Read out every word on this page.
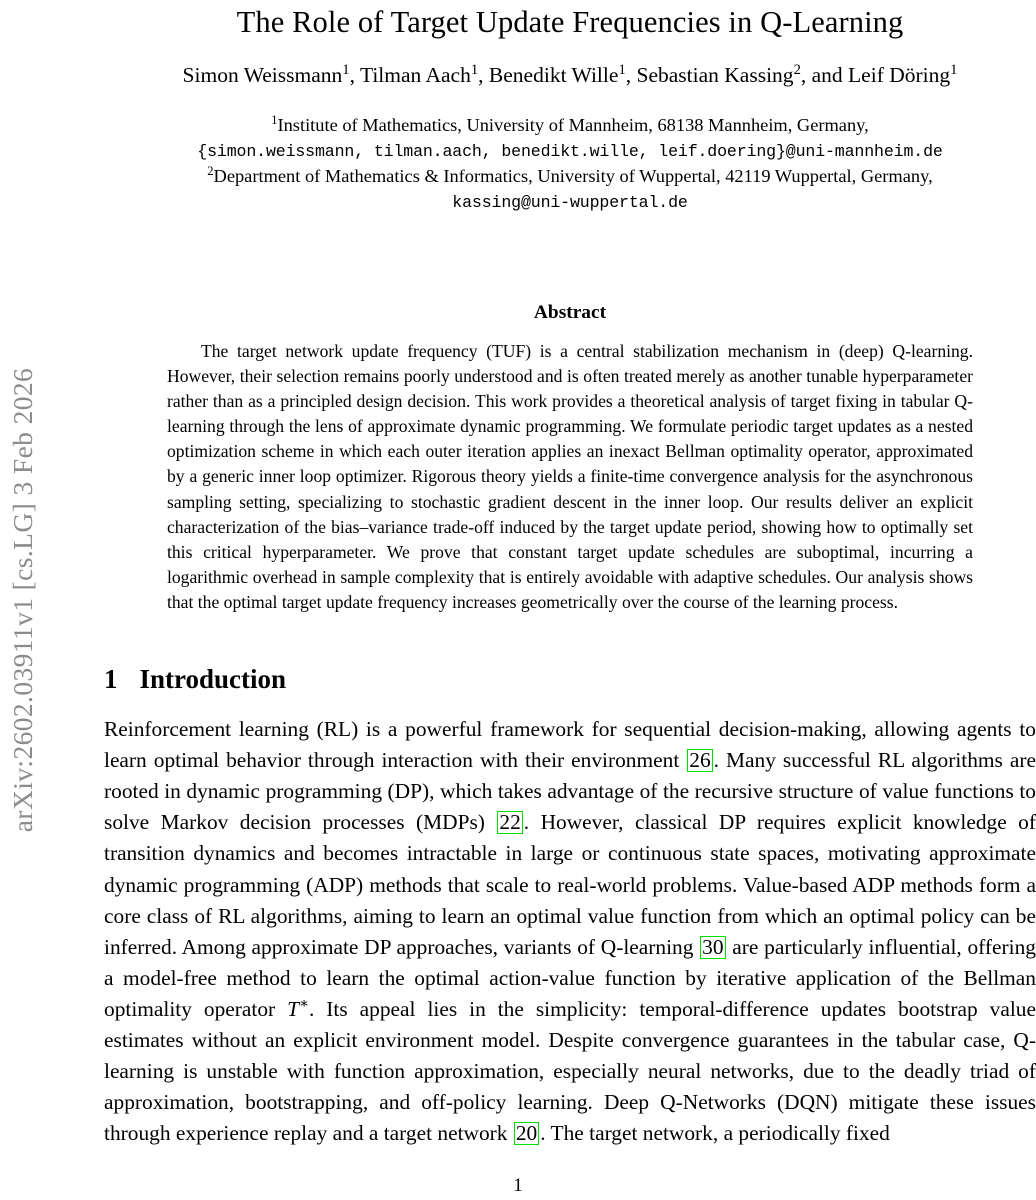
arXiv:2602.03911v1 [cs.LG] 3 Feb 2026
The Role of Target Update Frequencies in Q-Learning
Simon Weissmann$^1$, Tilman Aach$^1$, Benedikt Wille$^1$, Sebastian Kassing$^2$, and Leif Döring$^1$
$^1$Institute of Mathematics, University of Mannheim, 68138 Mannheim, Germany,
{simon.weissmann, tilman.aach, benedikt.wille, leif.doering}@uni-mannheim.de
$^2$Department of Mathematics & Informatics, University of Wuppertal, 42119 Wuppertal, Germany,
kassing@uni-wuppertal.de
Abstract

The target network update frequency (TUF) is a central stabilization mechanism in (deep) Q-learning. However, their selection remains poorly understood and is often treated merely as another tunable hyperparameter rather than as a principled design decision. This work provides a theoretical analysis of target fixing in tabular Q-learning through the lens of approximate dynamic programming. We formulate periodic target updates as a nested optimization scheme in which each outer iteration applies an inexact Bellman optimality operator, approximated by a generic inner loop optimizer. Rigorous theory yields a finite-time convergence analysis for the asynchronous sampling setting, specializing to stochastic gradient descent in the inner loop. Our results deliver an explicit characterization of the bias–variance trade-off induced by the target update period, showing how to optimally set this critical hyperparameter. We prove that constant target update schedules are suboptimal, incurring a logarithmic overhead in sample complexity that is entirely avoidable with adaptive schedules. Our analysis shows that the optimal target update frequency increases geometrically over the course of the learning process.

1 Introduction

Reinforcement learning (RL) is a powerful framework for sequential decision-making, allowing agents to learn optimal behavior through interaction with their environment 26 . Many successful RL algorithms are rooted in dynamic programming (DP), which takes advantage of the recursive structure of value functions to solve Markov decision processes (MDPs) 22 . However, classical DP requires explicit knowledge of transition dynamics and becomes intractable in large or continuous state spaces, motivating approximate dynamic programming (ADP) methods that scale to real-world problems. Value-based ADP methods form a core class of RL algorithms, aiming to learn an optimal value function from which an optimal policy can be inferred. Among approximate DP approaches, variants of Q-learning 30 are particularly influential, offering a model-free method to learn the optimal action-value function by iterative application of the Bellman optimality operator T∗. Its appeal lies in the simplicity: temporal-difference updates bootstrap value estimates without an explicit environment model. Despite convergence guarantees in the tabular case, Q-learning is unstable with function approximation, especially neural networks, due to the deadly triad of approximation, bootstrapping, and off-policy learning. Deep Q-Networks (DQN) mitigate these issues through experience replay and a target network 20 . The target network, a periodically fixed

1
